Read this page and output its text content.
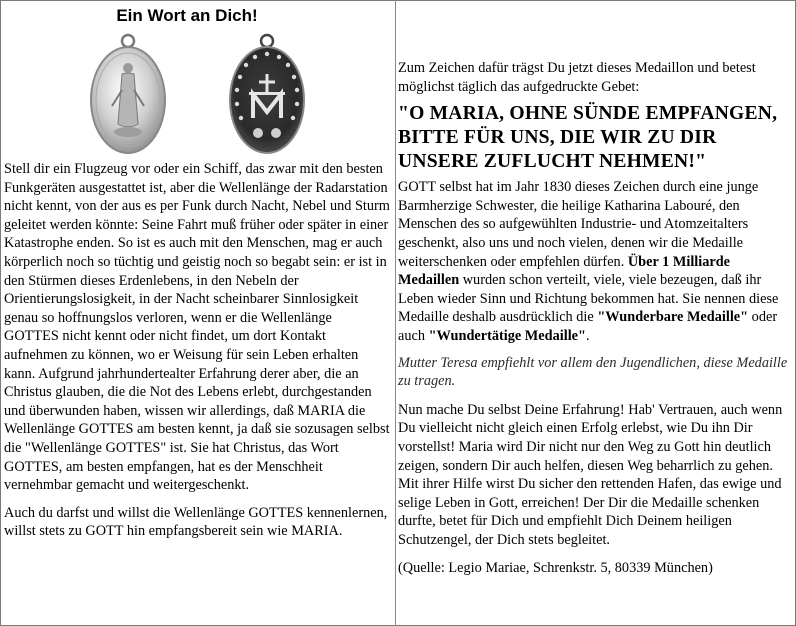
Ein Wort an Dich!

Stell dir ein Flugzeug vor oder ein Schiff, das zwar mit den besten Funkgeräten ausgestattet ist, aber die Wellenlänge der Radarstation nicht kennt, von der aus es per Funk durch Nacht, Nebel und Sturm geleitet werden könnte: Seine Fahrt muß früher oder später in einer Katastrophe enden. So ist es auch mit den Menschen, mag er auch körperlich noch so tüchtig und geistig noch so begabt sein: er ist in den Stürmen dieses Erdenlebens, in den Nebeln der Orientierungslosigkeit, in der Nacht scheinbarer Sinnlosigkeit genau so hoffnungslos verloren, wenn er die Wellenlänge GOTTES nicht kennt oder nicht findet, um dort Kontakt aufnehmen zu können, wo er Weisung für sein Leben erhalten kann. Aufgrund jahrhundertealter Erfahrung derer aber, die an Christus glauben, die die Not des Lebens erlebt, durchgestanden und überwunden haben, wissen wir allerdings, daß MARIA die Wellenlänge GOTTES am besten kennt, ja daß sie sozusagen selbst die "Wellenlänge GOTTES" ist. Sie hat Christus, das Wort GOTTES, am besten empfangen, hat es der Menschheit vernehmbar gemacht und weitergeschenkt.

Auch du darfst und willst die Wellenlänge GOTTES kennenlernen, willst stets zu GOTT hin empfangsbereit sein wie MARIA.

Zum Zeichen dafür trägst Du jetzt dieses Medaillon und betest möglichst täglich das aufgedruckte Gebet:

"O MARIA, OHNE SÜNDE EMPFANGEN, BITTE FÜR UNS, DIE WIR ZU DIR UNSERE ZUFLUCHT NEHMEN!"

GOTT selbst hat im Jahr 1830 dieses Zeichen durch eine junge Barmherzige Schwester, die heilige Katharina Labouré, den Menschen des so aufgewühlten Industrie- und Atomzeitalters geschenkt, also uns und noch vielen, denen wir die Medaille weiterschenken oder empfehlen dürfen. Über 1 Milliarde Medaillen wurden schon verteilt, viele, viele bezeugen, daß ihr Leben wieder Sinn und Richtung bekommen hat. Sie nennen diese Medaille deshalb ausdrücklich die "Wunderbare Medaille" oder auch "Wundertätige Medaille".

Mutter Teresa empfiehlt vor allem den Jugendlichen, diese Medaille zu tragen.

Nun mache Du selbst Deine Erfahrung! Hab' Vertrauen, auch wenn Du vielleicht nicht gleich einen Erfolg erlebst, wie Du ihn Dir vorstellst! Maria wird Dir nicht nur den Weg zu Gott hin deutlich zeigen, sondern Dir auch helfen, diesen Weg beharrlich zu gehen. Mit ihrer Hilfe wirst Du sicher den rettenden Hafen, das ewige und selige Leben in Gott, erreichen! Der Dir die Medaille schenken durfte, betet für Dich und empfiehlt Dich Deinem heiligen Schutzengel, der Dich stets begleitet.

(Quelle: Legio Mariae, Schrenkstr. 5, 80339 München)
